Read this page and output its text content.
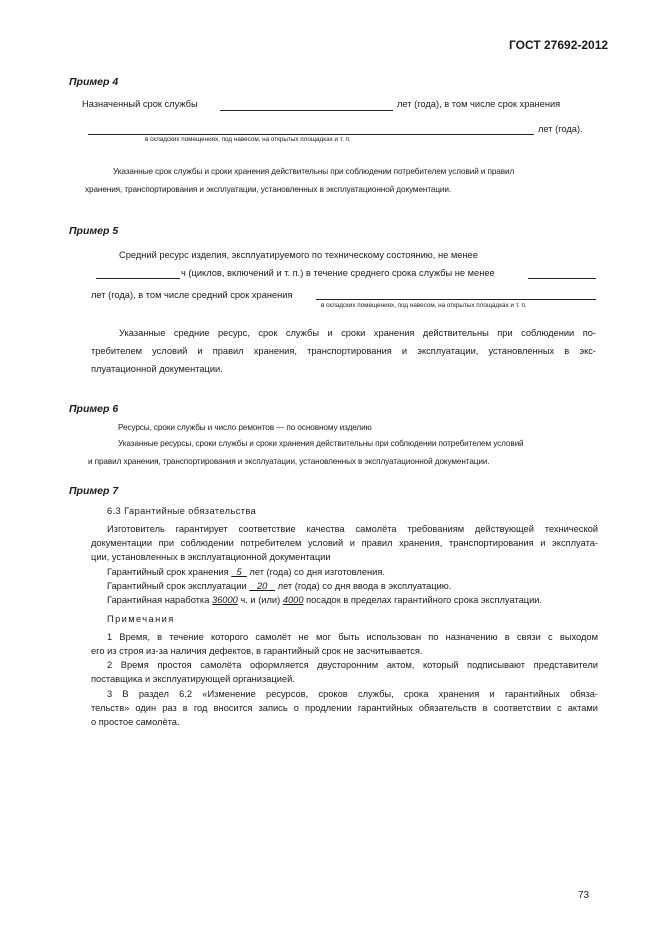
ГОСТ 27692-2012
Пример 4
Назначенный срок службы	лет (года), в том числе срок хранения
лет (года).
в складских помещениях, под навесом, на открытых площадках и т. п.
Указанные срок службы и сроки хранения действительны при соблюдении потребителем условий и правил
хранения, транспортирования и эксплуатации, установленных в эксплуатационной документации.
Пример 5
Средний ресурс изделия, эксплуатируемого по техническому состоянию, не менее
ч (циклов, включений и т. п.) в течение среднего срока службы не менее
лет (года), в том числе средний срок хранения
в складских помещениях, под навесом, на открытых площадках и т. п.
Указанные средние ресурс, срок службы и сроки хранения действительны при соблюдении по-
требителем условий и правил хранения, транспортирования и эксплуатации, установленных в экс-
плуатационной документации.
Пример 6
Ресурсы, сроки службы и число ремонтов — по основному изделию
Указанные ресурсы, сроки службы и сроки хранения действительны при соблюдении потребителем условий
и правил хранения, транспортирования и эксплуатации, установленных в эксплуатационной документации.
Пример 7
6.3 Гарантийные обязательства
Изготовитель гарантирует соответствие качества самолёта требованиям действующей технической
документации при соблюдении потребителем условий и правил хранения, транспортирования и эксплуата-
ции, установленных в эксплуатационной документации
Гарантийный срок хранения 5 лет (года) со дня изготовления.
Гарантийный срок эксплуатации 20 лет (года) со дня ввода в эксплуатацию.
Гарантийная наработка 36000 ч. и (или) 4000 посадок в пределах гарантийного срока эксплуатации.
Примечания
1 Время, в течение которого самолёт не мог быть использован по назначению в связи с выходом
его из строя из-за наличия дефектов, в гарантийный срок не засчитывается.
2 Время простоя самолёта оформляется двусторонним актом, который подписывают представители
поставщика и эксплуатирующей организацией.
3 В раздел 6.2 «Изменение ресурсов, сроков службы, срока хранения и гарантийных обяза-
тельств» один раз в год вносится запись о продлении гарантийных обязательств в соответствии с актами
о простое самолёта.
73
